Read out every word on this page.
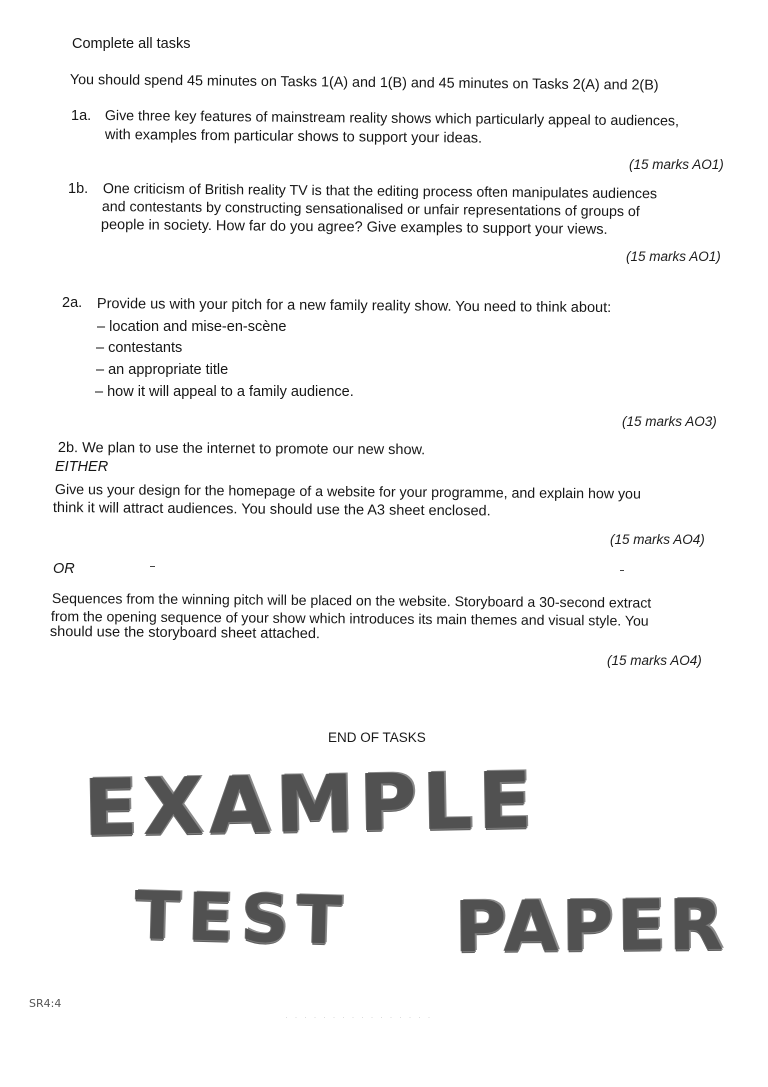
Complete all tasks
You should spend 45 minutes on Tasks 1(A) and 1(B) and 45 minutes on Tasks 2(A) and 2(B)
1a. Give three key features of mainstream reality shows which particularly appeal to audiences,
with examples from particular shows to support your ideas.
(15 marks AO1)
1b. One criticism of British reality TV is that the editing process often manipulates audiences
and contestants by constructing sensationalised or unfair representations of groups of
people in society. How far do you agree? Give examples to support your views.
(15 marks AO1)
2a. Provide us with your pitch for a new family reality show. You need to think about:
– location and mise-en-scène
– contestants
– an appropriate title
– how it will appeal to a family audience.
(15 marks AO3)
2b. We plan to use the internet to promote our new show.
EITHER
Give us your design for the homepage of a website for your programme, and explain how you
think it will attract audiences. You should use the A3 sheet enclosed.
(15 marks AO4)
OR
Sequences from the winning pitch will be placed on the website. Storyboard a 30-second extract
from the opening sequence of your show which introduces its main themes and visual style. You
should use the storyboard sheet attached.
(15 marks AO4)
END OF TASKS
EXAMPLE
TEST PAPER
SR4:4
· · · · · · · · · · · · · · · ·
